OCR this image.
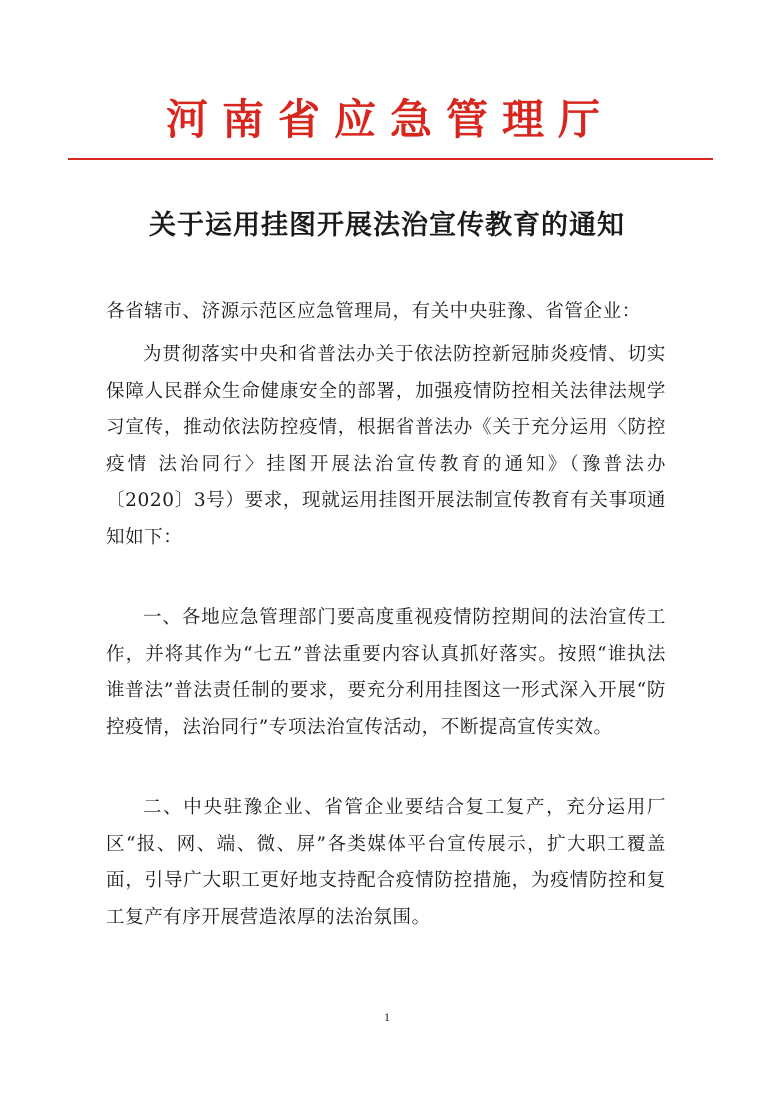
河南省应急管理厅
关于运用挂图开展法治宣传教育的通知
各省辖市、济源示范区应急管理局，有关中央驻豫、省管企业：
为贯彻落实中央和省普法办关于依法防控新冠肺炎疫情、切实保障人民群众生命健康安全的部署，加强疫情防控相关法律法规学习宣传，推动依法防控疫情，根据省普法办《关于充分运用〈防控疫情 法治同行〉挂图开展法治宣传教育的通知》（豫普法办〔2020〕3号）要求，现就运用挂图开展法制宣传教育有关事项通知如下：
一、各地应急管理部门要高度重视疫情防控期间的法治宣传工作，并将其作为“七五”普法重要内容认真抓好落实。按照“谁执法谁普法”普法责任制的要求，要充分利用挂图这一形式深入开展“防控疫情，法治同行”专项法治宣传活动，不断提高宣传实效。
二、中央驻豫企业、省管企业要结合复工复产，充分运用厂区“报、网、端、微、屏”各类媒体平台宣传展示，扩大职工覆盖面，引导广大职工更好地支持配合疫情防控措施，为疫情防控和复工复产有序开展营造浓厚的法治氛围。
1
